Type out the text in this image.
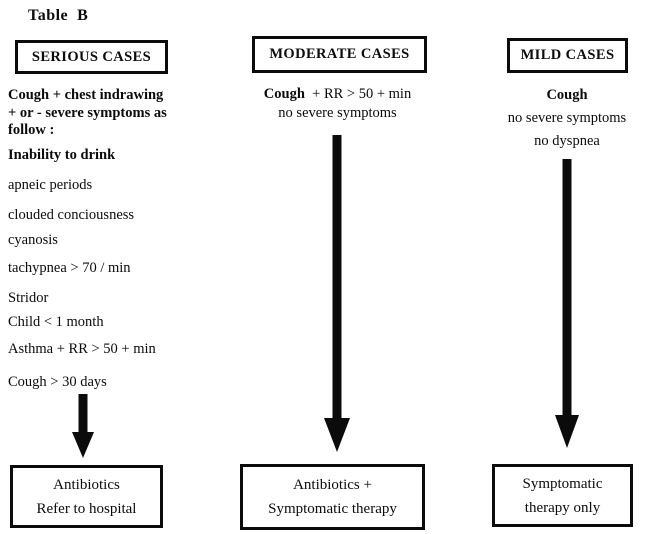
Table  B
SERIOUS CASES
Cough + chest indrawing
+ or - severe symptoms as
follow :
Inability to drink
apneic periods
clouded conciousness
cyanosis
tachypnea > 70 / min
Stridor
Child < 1 month
Asthma + RR > 50 + min
Cough > 30 days
Antibiotics
Refer to hospital
MODERATE CASES
Cough + RR > 50 + min
no severe symptoms
Antibiotics +
Symptomatic therapy
MILD CASES
Cough
no severe symptoms
no dyspnea
Symptomatic
therapy only
